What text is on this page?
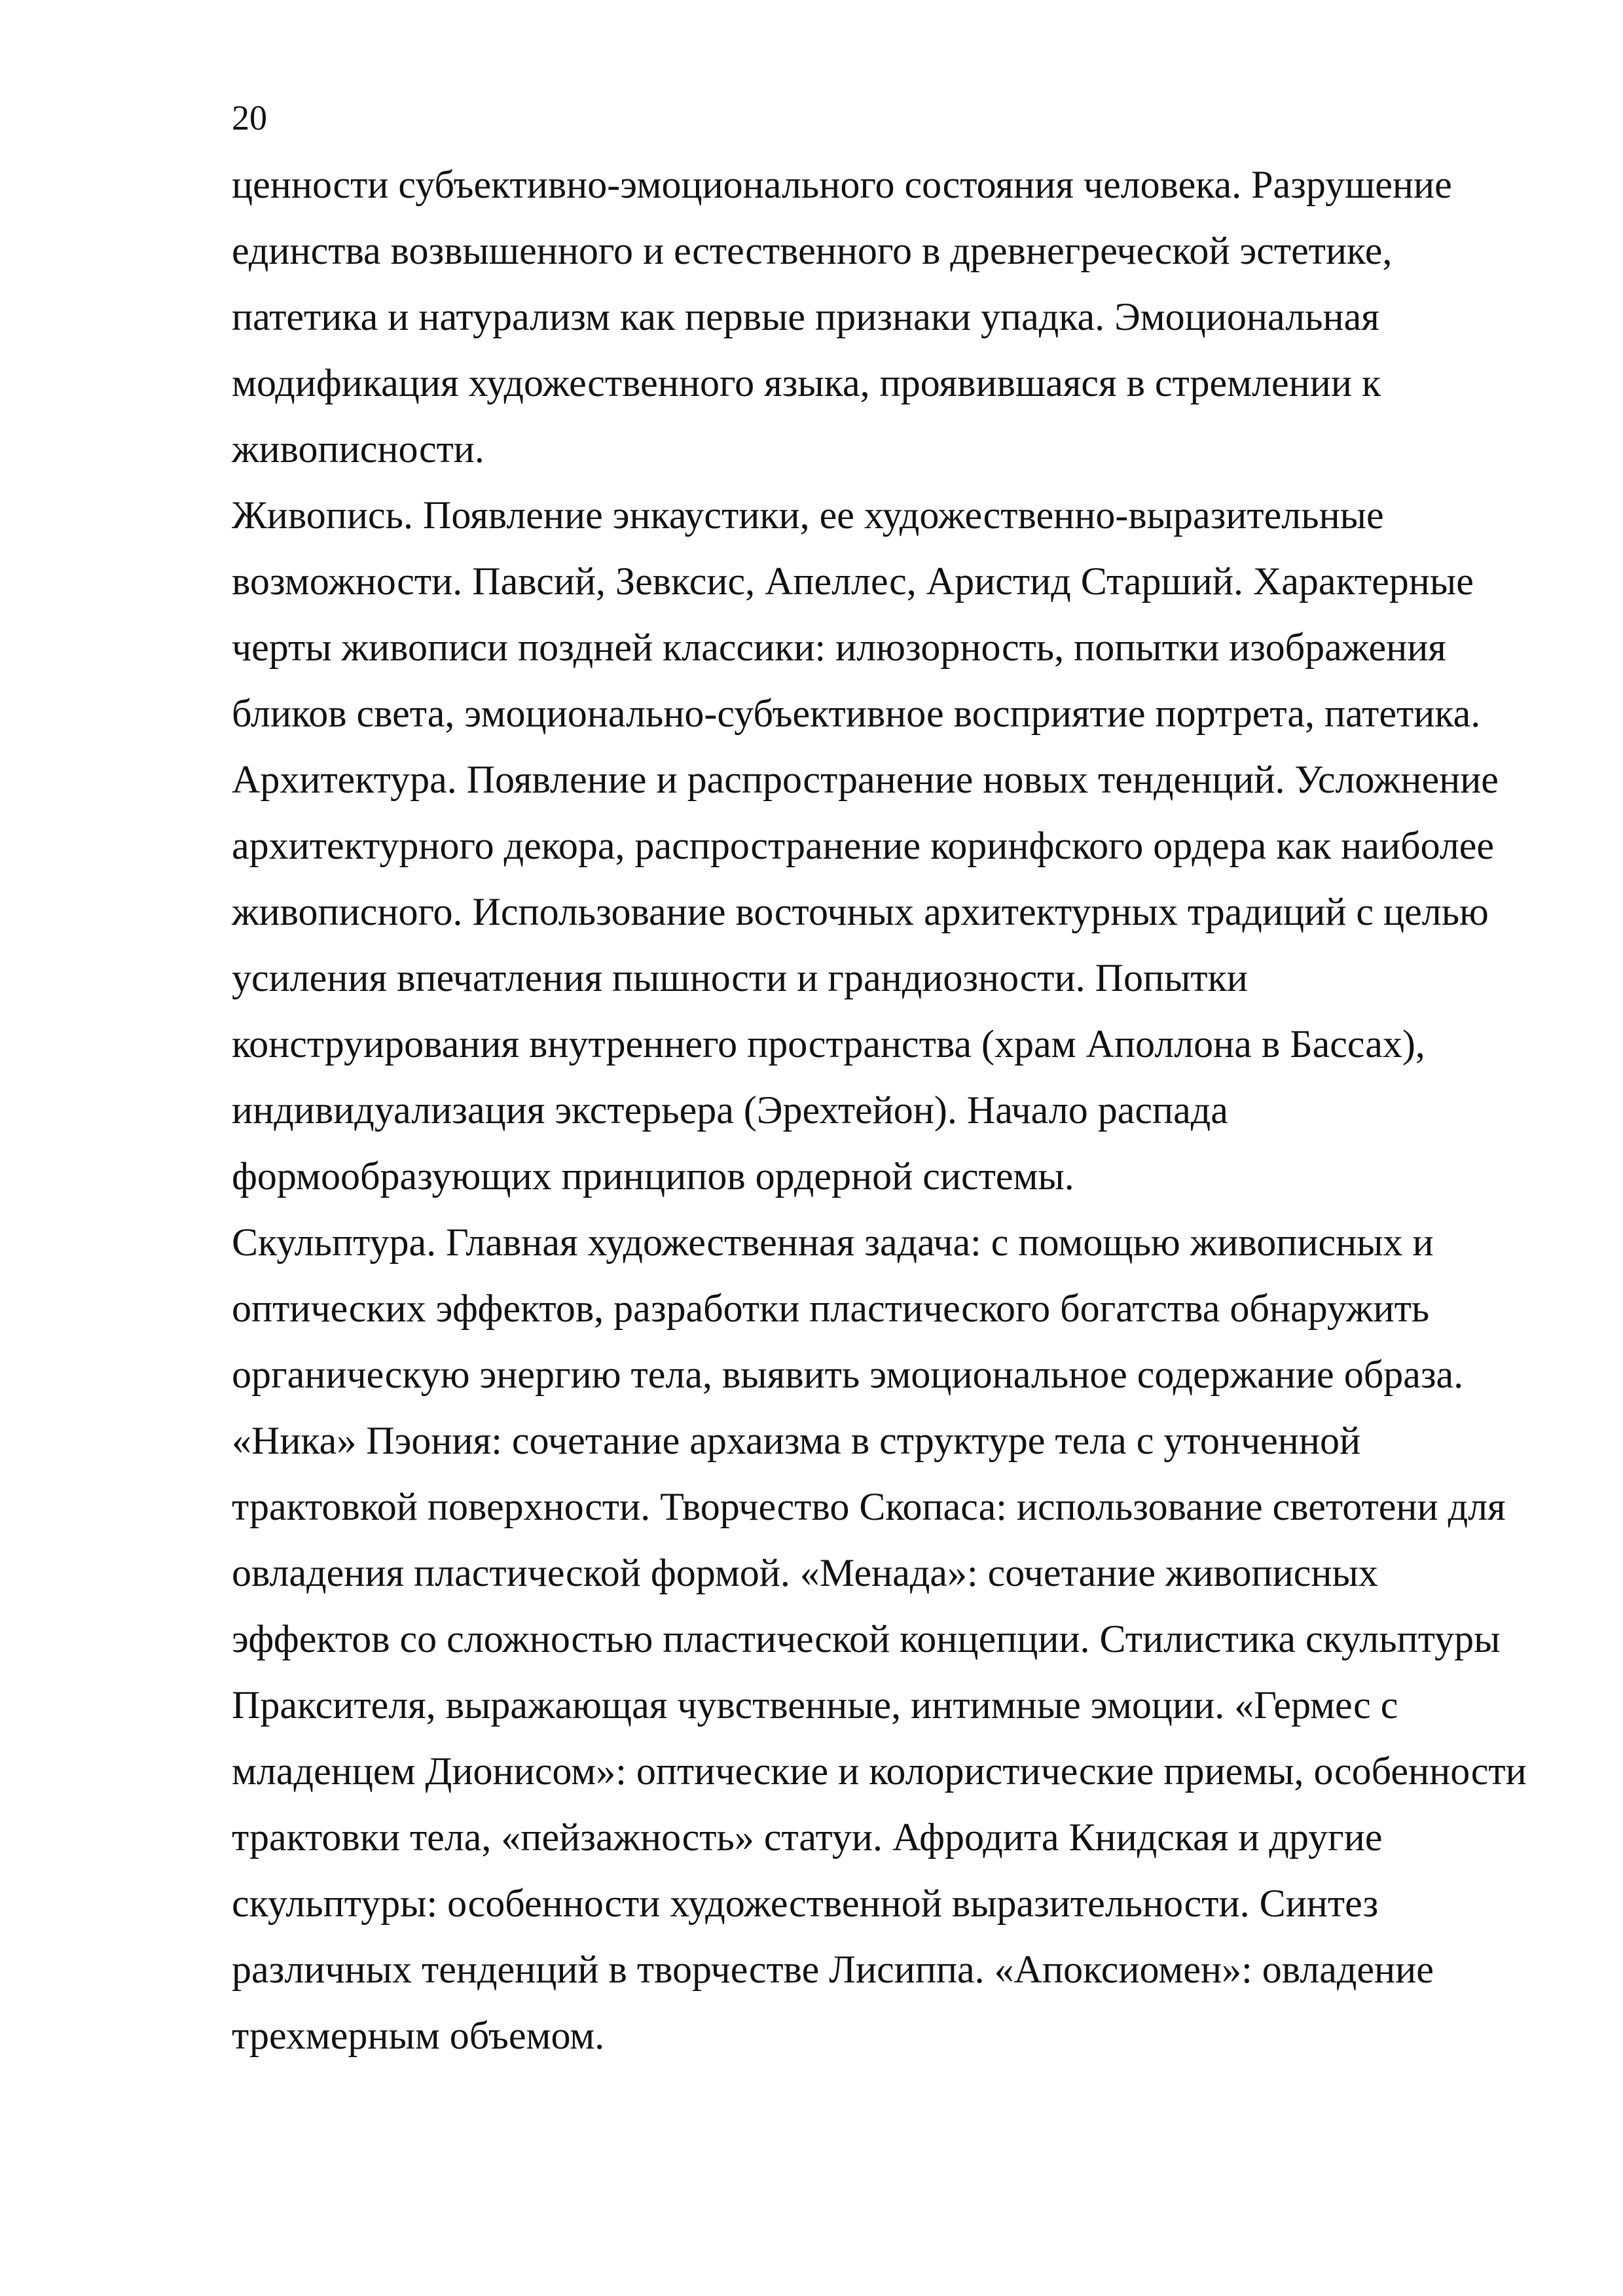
20
ценности субъективно-эмоционального состояния человека. Разрушение
единства возвышенного и естественного в древнегреческой эстетике,
патетика и натурализм как первые признаки упадка. Эмоциональная
модификация художественного языка, проявившаяся в стремлении к
живописности.
Живопись. Появление энкаустики, ее художественно-выразительные
возможности. Павсий, Зевксис, Апеллес, Аристид Старший. Характерные
черты живописи поздней классики: илюзорность, попытки изображения
бликов света, эмоционально-субъективное восприятие портрета, патетика.
Архитектура. Появление и распространение новых тенденций. Усложнение
архитектурного декора, распространение коринфского ордера как наиболее
живописного. Использование восточных архитектурных традиций с целью
усиления впечатления пышности и грандиозности. Попытки
конструирования внутреннего пространства (храм Аполлона в Бассах),
индивидуализация экстерьера (Эрехтейон). Начало распада
формообразующих принципов ордерной системы.
Скульптура. Главная художественная задача: с помощью живописных и
оптических эффектов, разработки пластического богатства обнаружить
органическую энергию тела, выявить эмоциональное содержание образа.
«Ника» Пэония: сочетание архаизма в структуре тела с утонченной
трактовкой поверхности. Творчество Скопаса: использование светотени для
овладения пластической формой. «Менада»: сочетание живописных
эффектов со сложностью пластической концепции. Стилистика скульптуры
Праксителя, выражающая чувственные, интимные эмоции. «Гермес с
младенцем Дионисом»: оптические и колористические приемы, особенности
трактовки тела, «пейзажность» статуи. Афродита Книдская и другие
скульптуры: особенности художественной выразительности. Синтез
различных тенденций в творчестве Лисиппа. «Апоксиомен»: овладение
трехмерным объемом.
